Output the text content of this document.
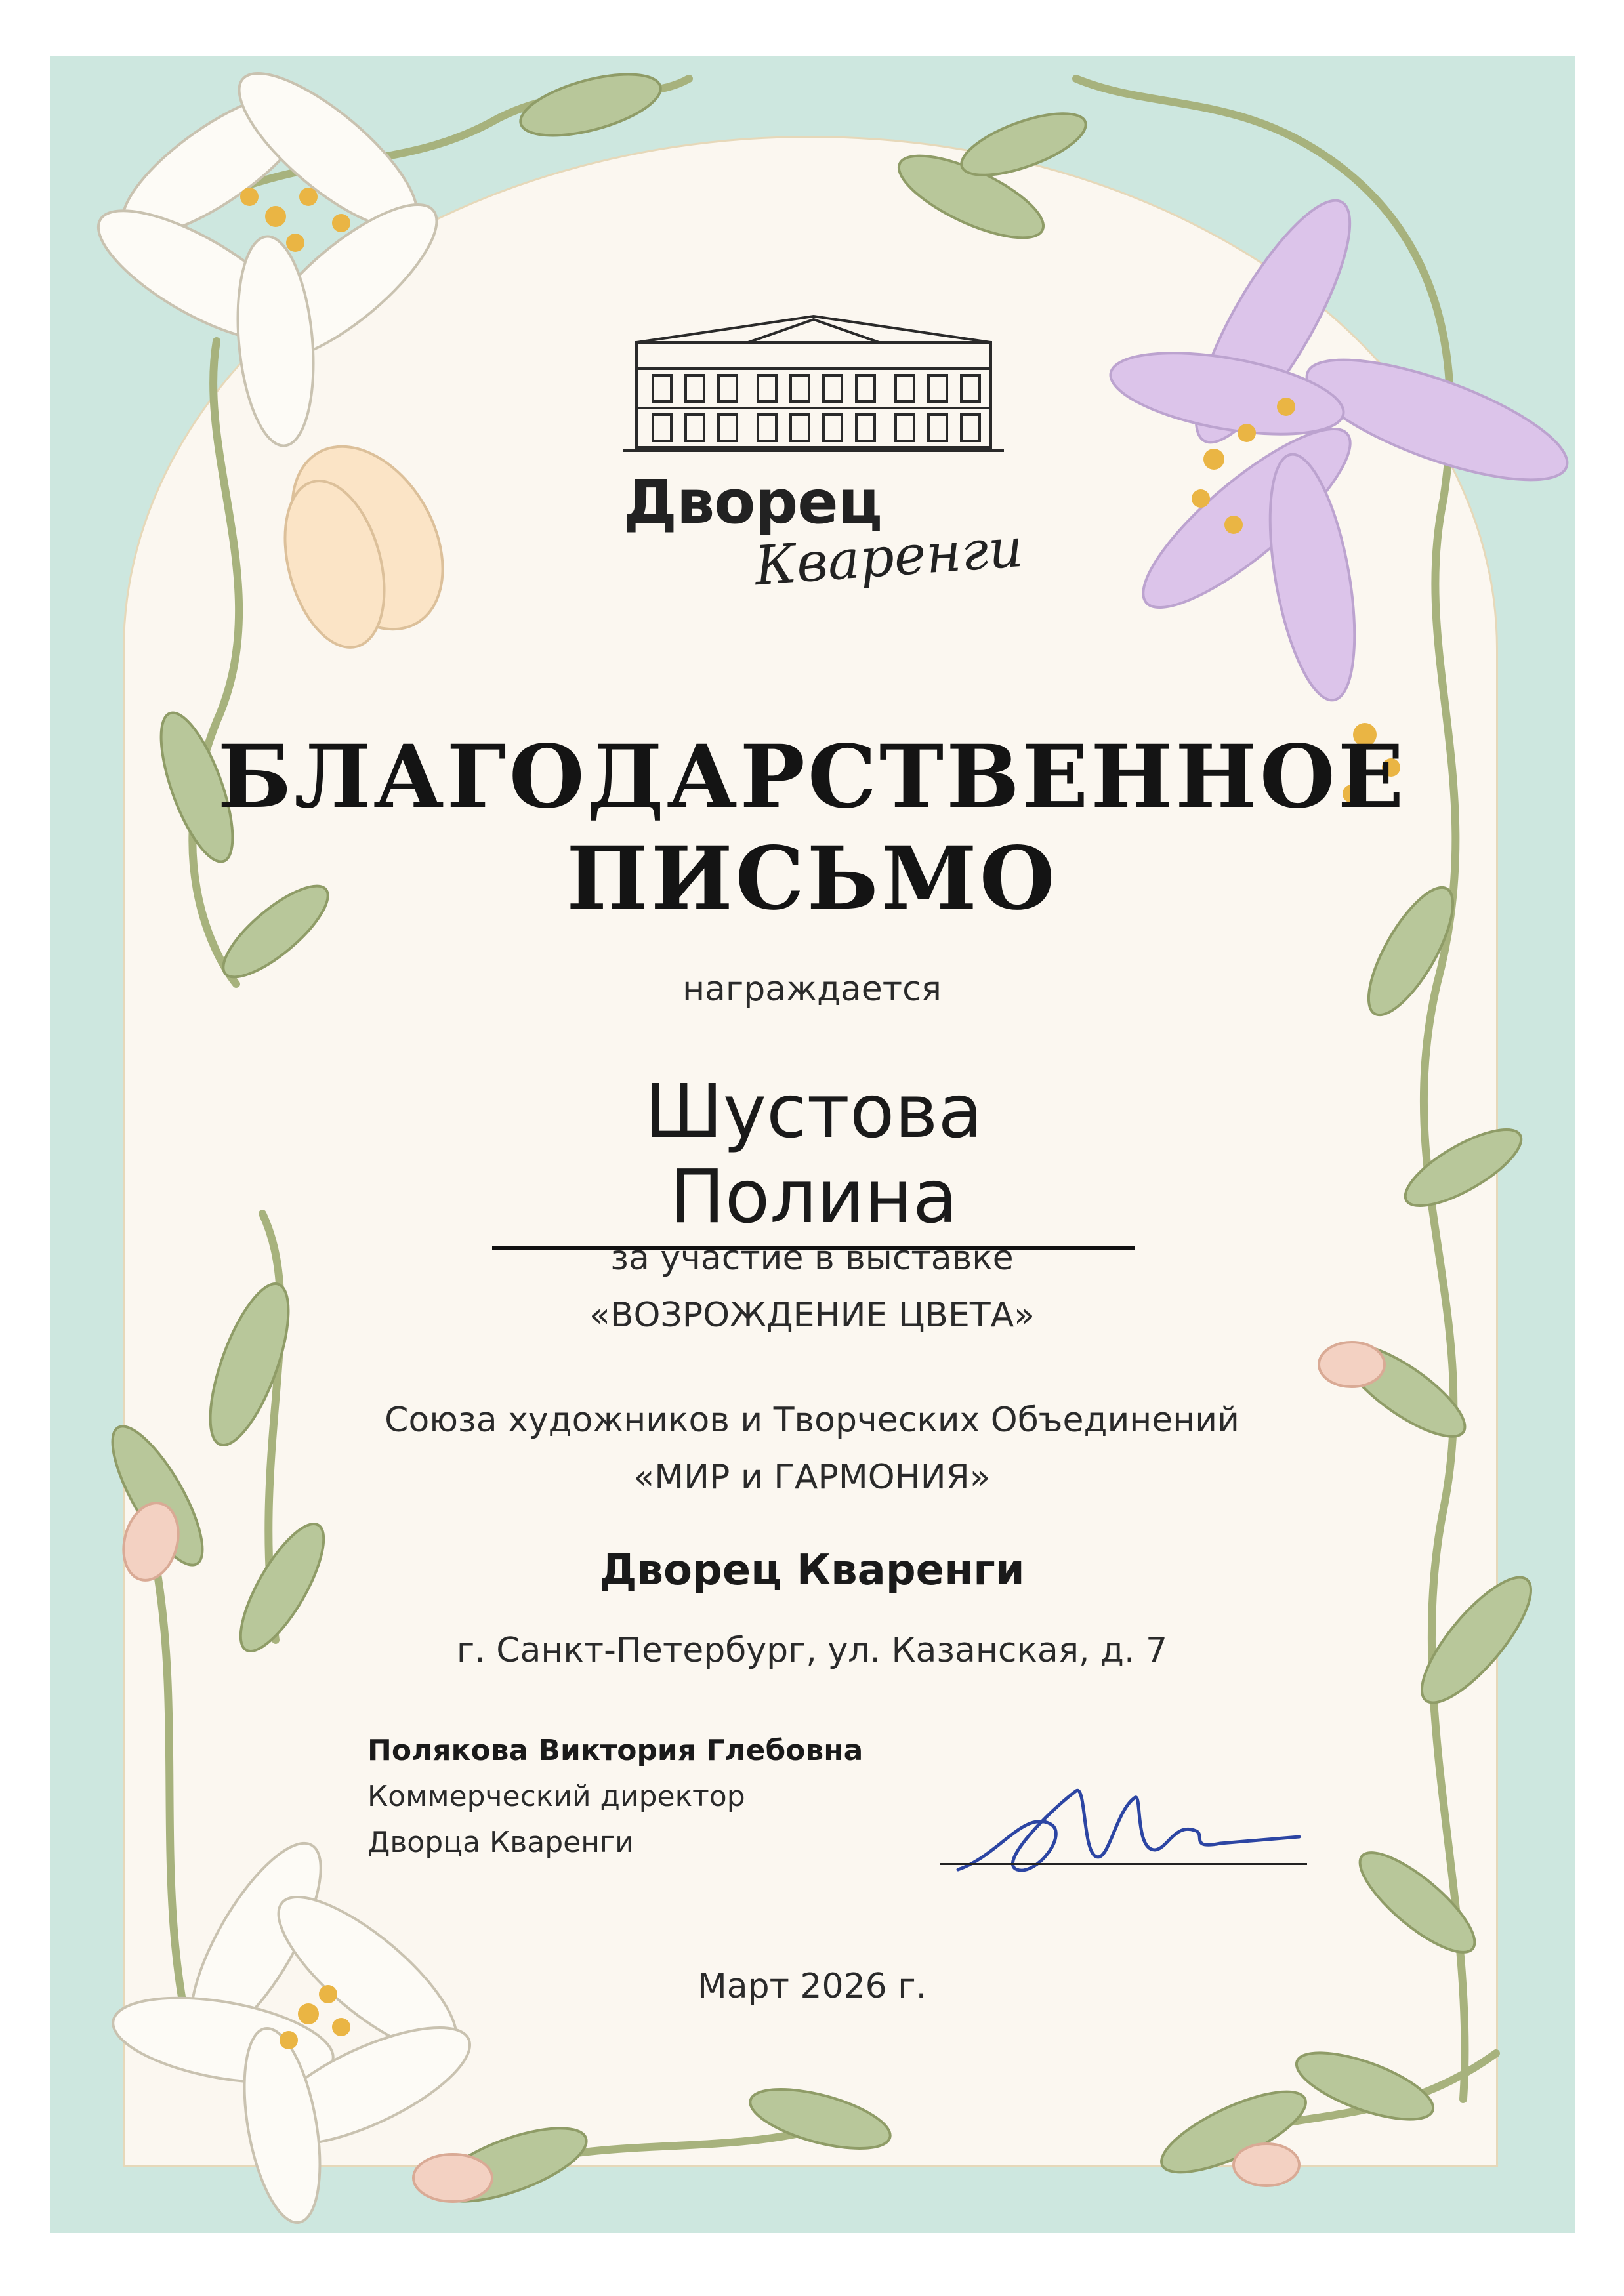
Дворец
Кваренги
БЛАГОДАРСТВЕННОЕ
ПИСЬМО
награждается
Шустова Полина
за участие в выставке
«ВОЗРОЖДЕНИЕ ЦВЕТА»
Союза художников и Творческих Объединений
«МИР и ГАРМОНИЯ»
Дворец Кваренги
г. Санкт-Петербург, ул. Казанская, д. 7
Полякова Виктория Глебовна
Коммерческий директор
Дворца Кваренги
Март 2026 г.
